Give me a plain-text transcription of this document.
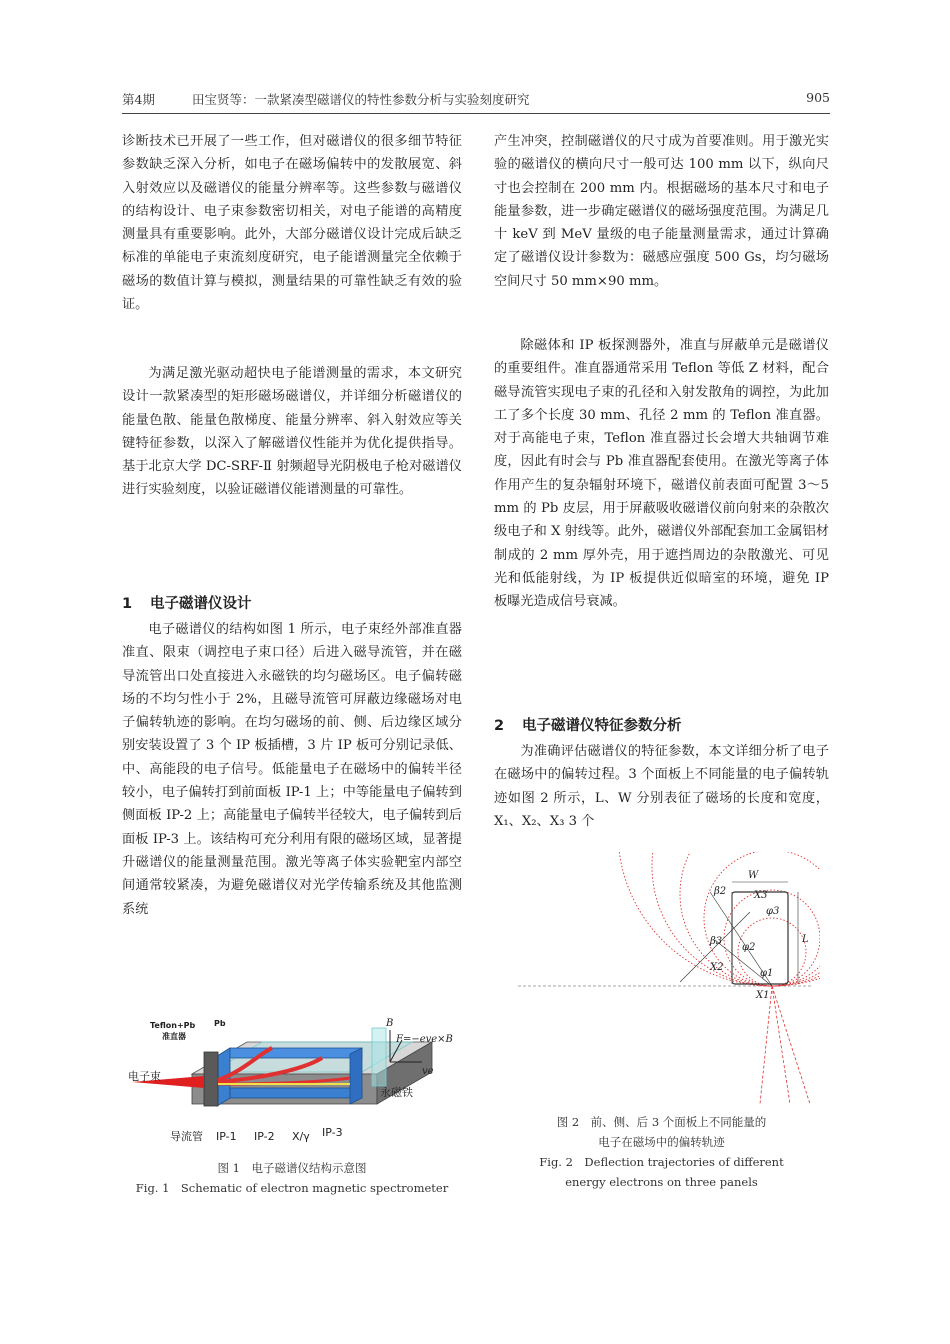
第4期	田宝贤等：一款紧凑型磁谱仪的特性参数分析与实验刻度研究	905

诊断技术已开展了一些工作，但对磁谱仪的很多细节特征参数缺乏深入分析，如电子在磁场偏转中的发散展宽、斜入射效应以及磁谱仪的能量分辨率等。这些参数与磁谱仪的结构设计、电子束参数密切相关，对电子能谱的高精度测量具有重要影响。此外，大部分磁谱仪设计完成后缺乏标准的单能电子束流刻度研究，电子能谱测量完全依赖于磁场的数值计算与模拟，测量结果的可靠性缺乏有效的验证。

为满足激光驱动超快电子能谱测量的需求，本文研究设计一款紧凑型的矩形磁场磁谱仪，并详细分析磁谱仪的能量色散、能量色散梯度、能量分辨率、斜入射效应等关键特征参数，以深入了解磁谱仪性能并为优化提供指导。基于北京大学 DC-SRF-Ⅱ 射频超导光阴极电子枪对磁谱仪进行实验刻度，以验证磁谱仪能谱测量的可靠性。

1 电子磁谱仪设计

电子磁谱仪的结构如图 1 所示，电子束经外部准直器准直、限束（调控电子束口径）后进入磁导流管，并在磁导流管出口处直接进入永磁铁的均匀磁场区。电子偏转磁场的不均匀性小于 2%，且磁导流管可屏蔽边缘磁场对电子偏转轨迹的影响。在均匀磁场的前、侧、后边缘区域分别安装设置了 3 个 IP 板插槽，3 片 IP 板可分别记录低、中、高能段的电子信号。低能量电子在磁场中的偏转半径较小，电子偏转打到前面板 IP-1 上；中等能量电子偏转到侧面板 IP-2 上；高能量电子偏转半径较大，电子偏转到后面板 IP-3 上。该结构可充分利用有限的磁场区域，显著提升磁谱仪的能量测量范围。激光等离子体实验靶室内部空间通常较紧凑，为避免磁谱仪对光学传输系统及其他监测系统

Teflon+Pb
准直器
Pb
电子束
导流管 IP-1 IP-2 X/γ IP-3
永磁铁
B
F=−eve×B
ve
图 1　电子磁谱仪结构示意图
Fig. 1　Schematic of electron magnetic spectrometer

产生冲突，控制磁谱仪的尺寸成为首要准则。用于激光实验的磁谱仪的横向尺寸一般可达 100 mm 以下，纵向尺寸也会控制在 200 mm 内。根据磁场的基本尺寸和电子能量参数，进一步确定磁谱仪的磁场强度范围。为满足几十 keV 到 MeV 量级的电子能量测量需求，通过计算确定了磁谱仪设计参数为：磁感应强度 500 Gs，均匀磁场空间尺寸 50 mm×90 mm。

除磁体和 IP 板探测器外，准直与屏蔽单元是磁谱仪的重要组件。准直器通常采用 Teflon 等低 Z 材料，配合磁导流管实现电子束的孔径和入射发散角的调控，为此加工了多个长度 30 mm、孔径 2 mm 的 Teflon 准直器。对于高能电子束，Teflon 准直器过长会增大共轴调节难度，因此有时会与 Pb 准直器配套使用。在激光等离子体作用产生的复杂辐射环境下，磁谱仪前表面可配置 3～5 mm 的 Pb 皮层，用于屏蔽吸收磁谱仪前向射来的杂散次级电子和 X 射线等。此外，磁谱仪外部配套加工金属铝材制成的 2 mm 厚外壳，用于遮挡周边的杂散激光、可见光和低能射线，为 IP 板提供近似暗室的环境，避免 IP 板曝光造成信号衰减。

2 电子磁谱仪特征参数分析

为准确评估磁谱仪的特征参数，本文详细分析了电子在磁场中的偏转过程。3 个面板上不同能量的电子偏转轨迹如图 2 所示，L、W 分别表征了磁场的长度和宽度，X₁、X₂、X₃ 3 个

W
L
X1
X2
X3
β2
β3
φ1
φ2
φ3
图 2　前、侧、后 3 个面板上不同能量的
电子在磁场中的偏转轨迹
Fig. 2　Deflection trajectories of different
energy electrons on three panels
